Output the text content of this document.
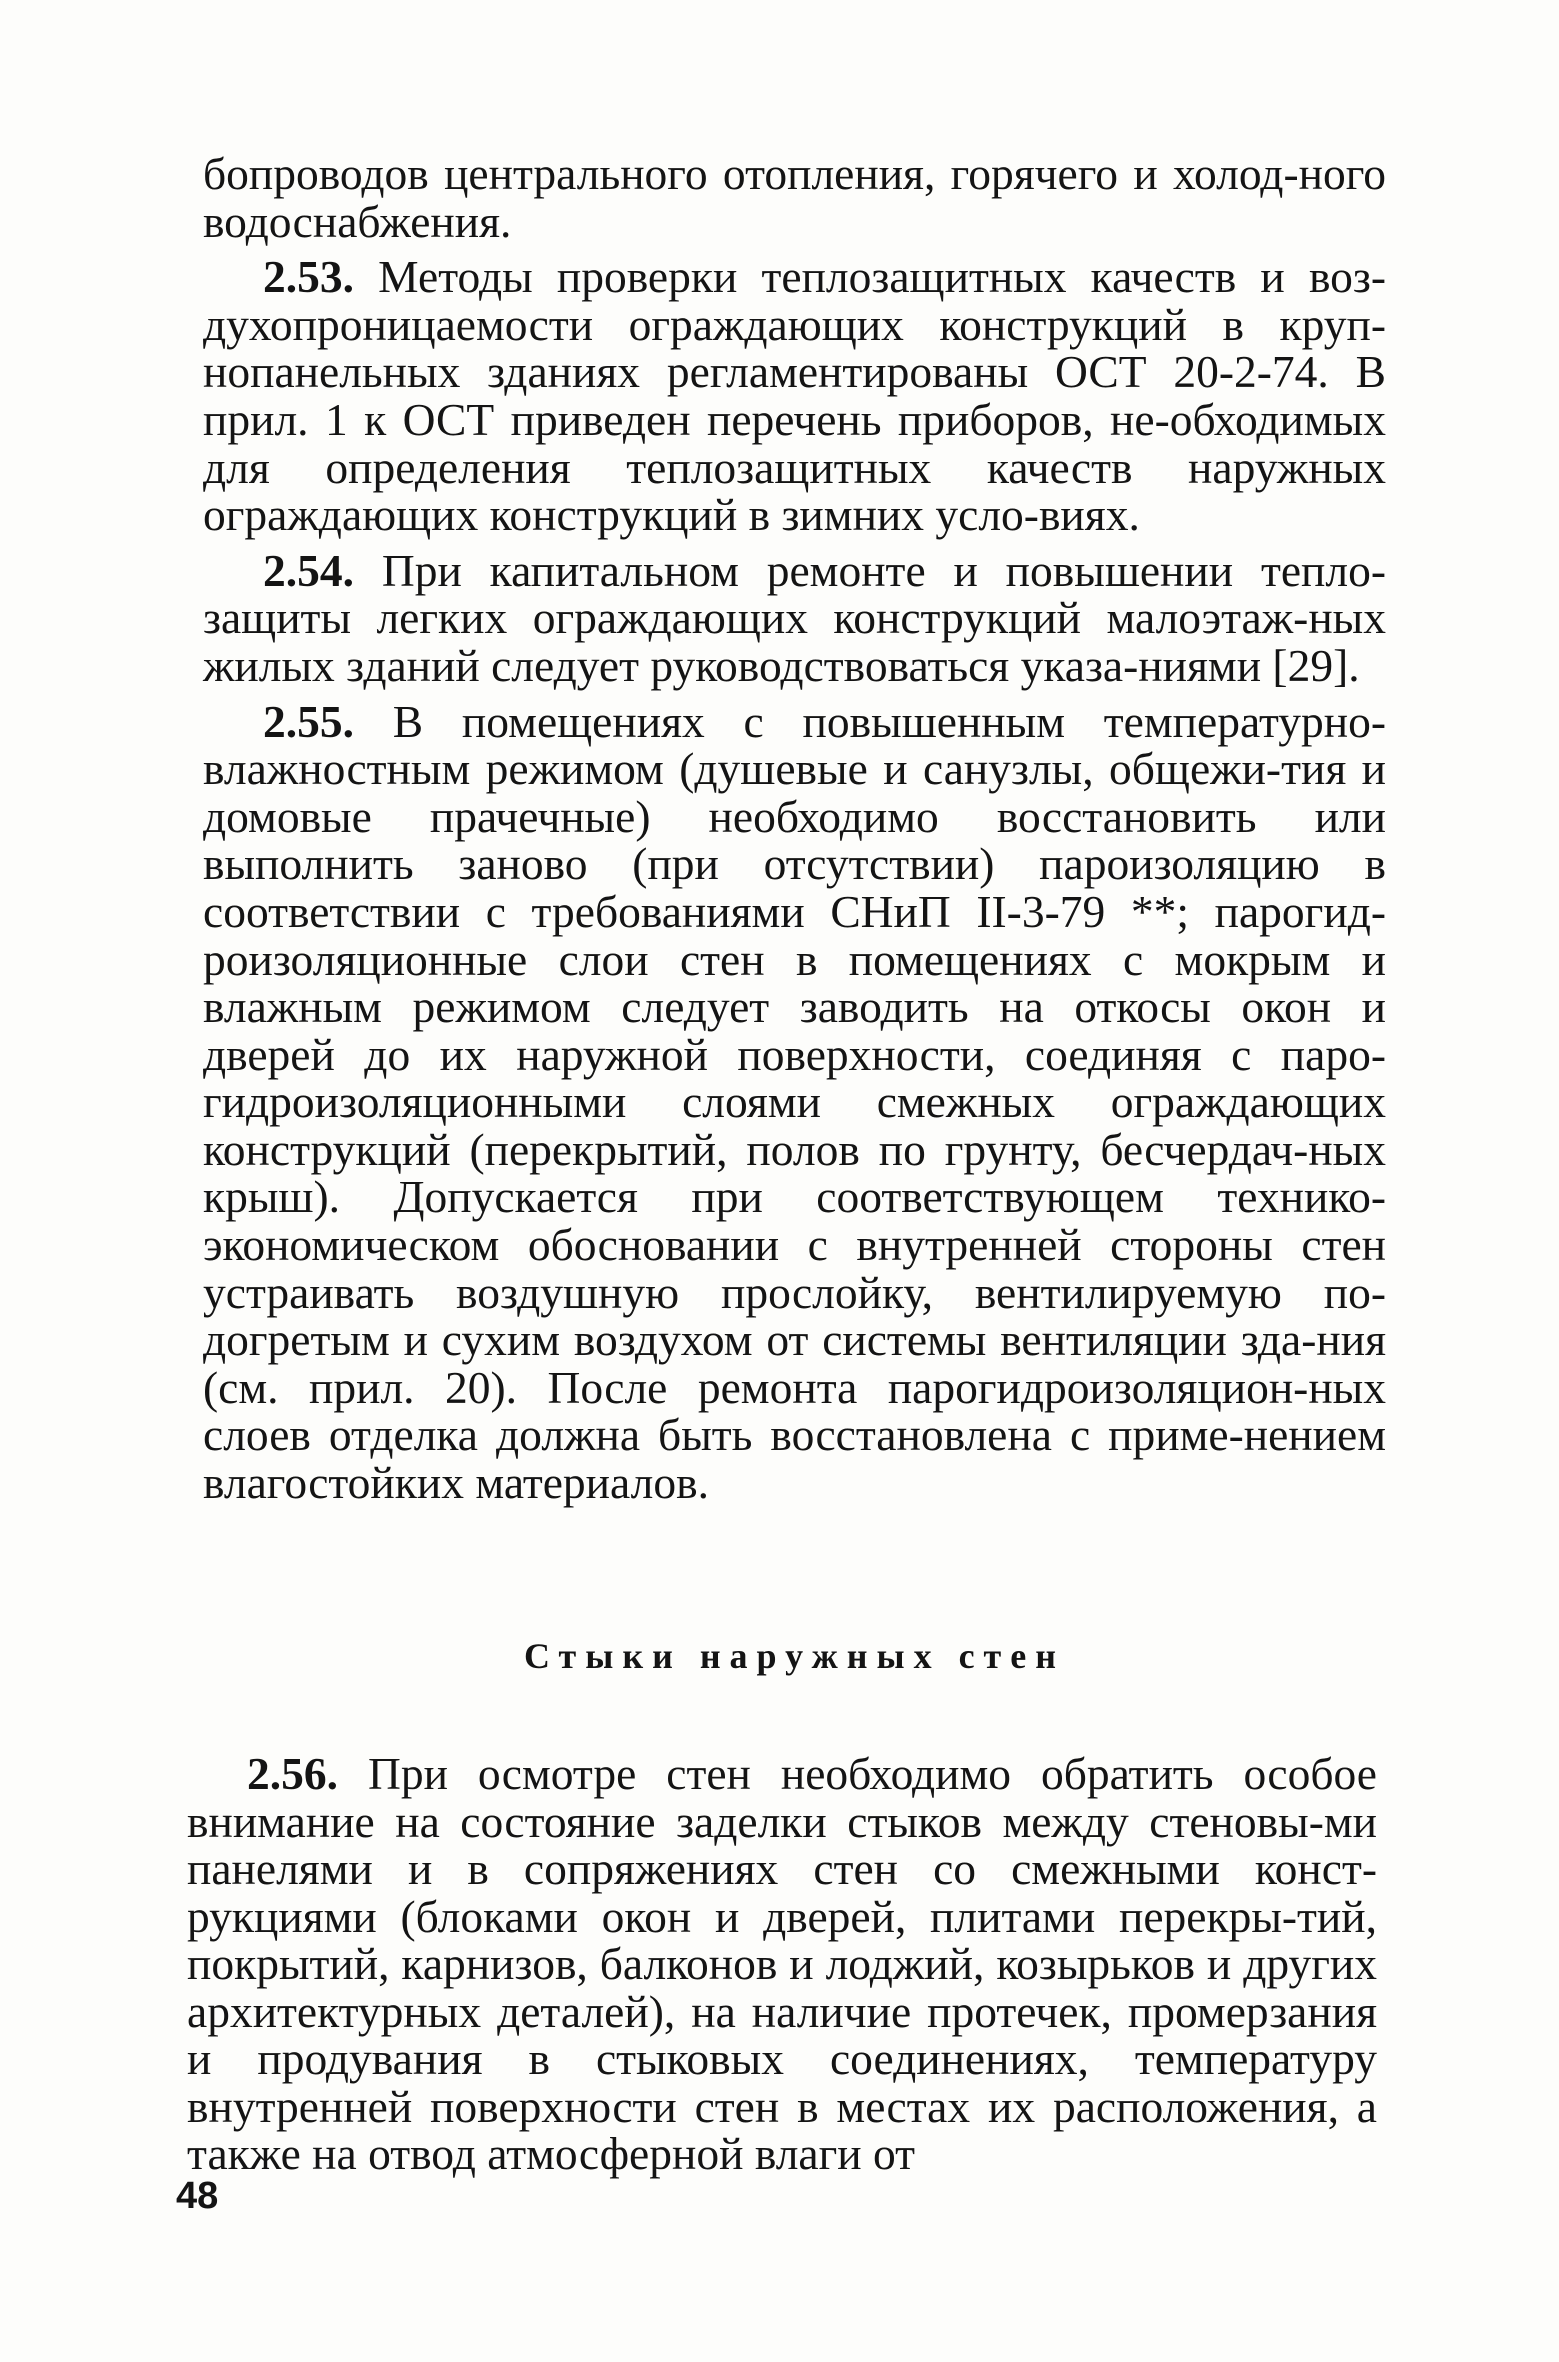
бопроводов центрального отопления, горячего и холод-ного водоснабжения.

2.53. Методы проверки теплозащитных качеств и воз-духопроницаемости ограждающих конструкций в круп-нопанельных зданиях регламентированы ОСТ 20-2-74. В прил. 1 к ОСТ приведен перечень приборов, не-обходимых для определения теплозащитных качеств наружных ограждающих конструкций в зимних усло-виях.

2.54. При капитальном ремонте и повышении тепло-защиты легких ограждающих конструкций малоэтаж-ных жилых зданий следует руководствоваться указа-ниями [29].

2.55. В помещениях с повышенным температурно-влажностным режимом (душевые и санузлы, общежи-тия и домовые прачечные) необходимо восстановить или выполнить заново (при отсутствии) пароизоляцию в соответствии с требованиями СНиП II-3-79 **; парогид-роизоляционные слои стен в помещениях с мокрым и влажным режимом следует заводить на откосы окон и дверей до их наружной поверхности, соединяя с паро-гидроизоляционными слоями смежных ограждающих конструкций (перекрытий, полов по грунту, бесчердач-ных крыш). Допускается при соответствующем технико-экономическом обосновании с внутренней стороны стен устраивать воздушную прослойку, вентилируемую по-догретым и сухим воздухом от системы вентиляции зда-ния (см. прил. 20). После ремонта парогидроизоляцион-ных слоев отделка должна быть восстановлена с приме-нением влагостойких материалов.

Стыки наружных стен

2.56. При осмотре стен необходимо обратить особое внимание на состояние заделки стыков между стеновы-ми панелями и в сопряжениях стен со смежными конст-рукциями (блоками окон и дверей, плитами перекры-тий, покрытий, карнизов, балконов и лоджий, козырьков и других архитектурных деталей), на наличие протечек, промерзания и продувания в стыковых соединениях, температуру внутренней поверхности стен в местах их расположения, а также на отвод атмосферной влаги от

48
